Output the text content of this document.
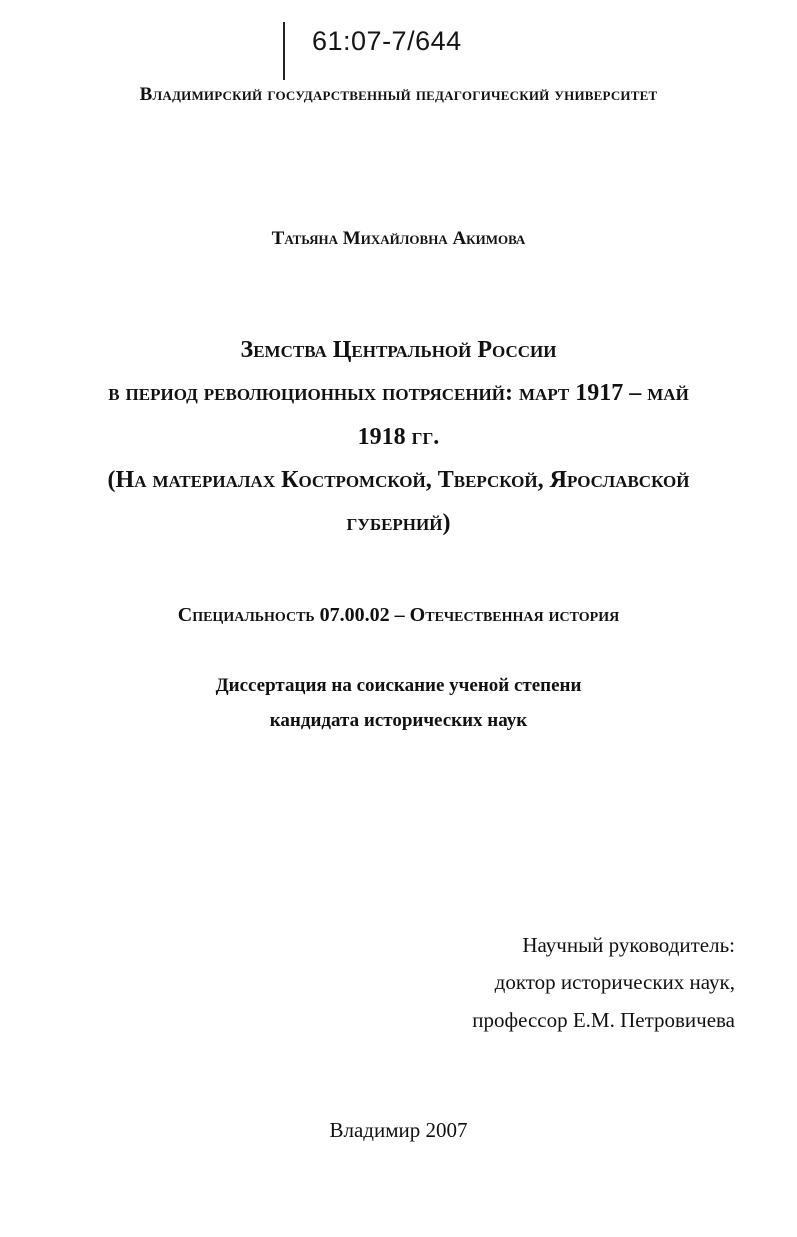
61:07-7/644
Владимирский государственный педагогический университет
Татьяна Михайловна Акимова
Земства Центральной России
в период революционных потрясений: март 1917 – май
1918 гг.
(На материалах Костромской, Тверской, Ярославской
губерний)
Специальность 07.00.02 – Отечественная история
Диссертация на соискание ученой степени
кандидата исторических наук
Научный руководитель:
доктор исторических наук,
профессор Е.М. Петровичева
Владимир 2007
